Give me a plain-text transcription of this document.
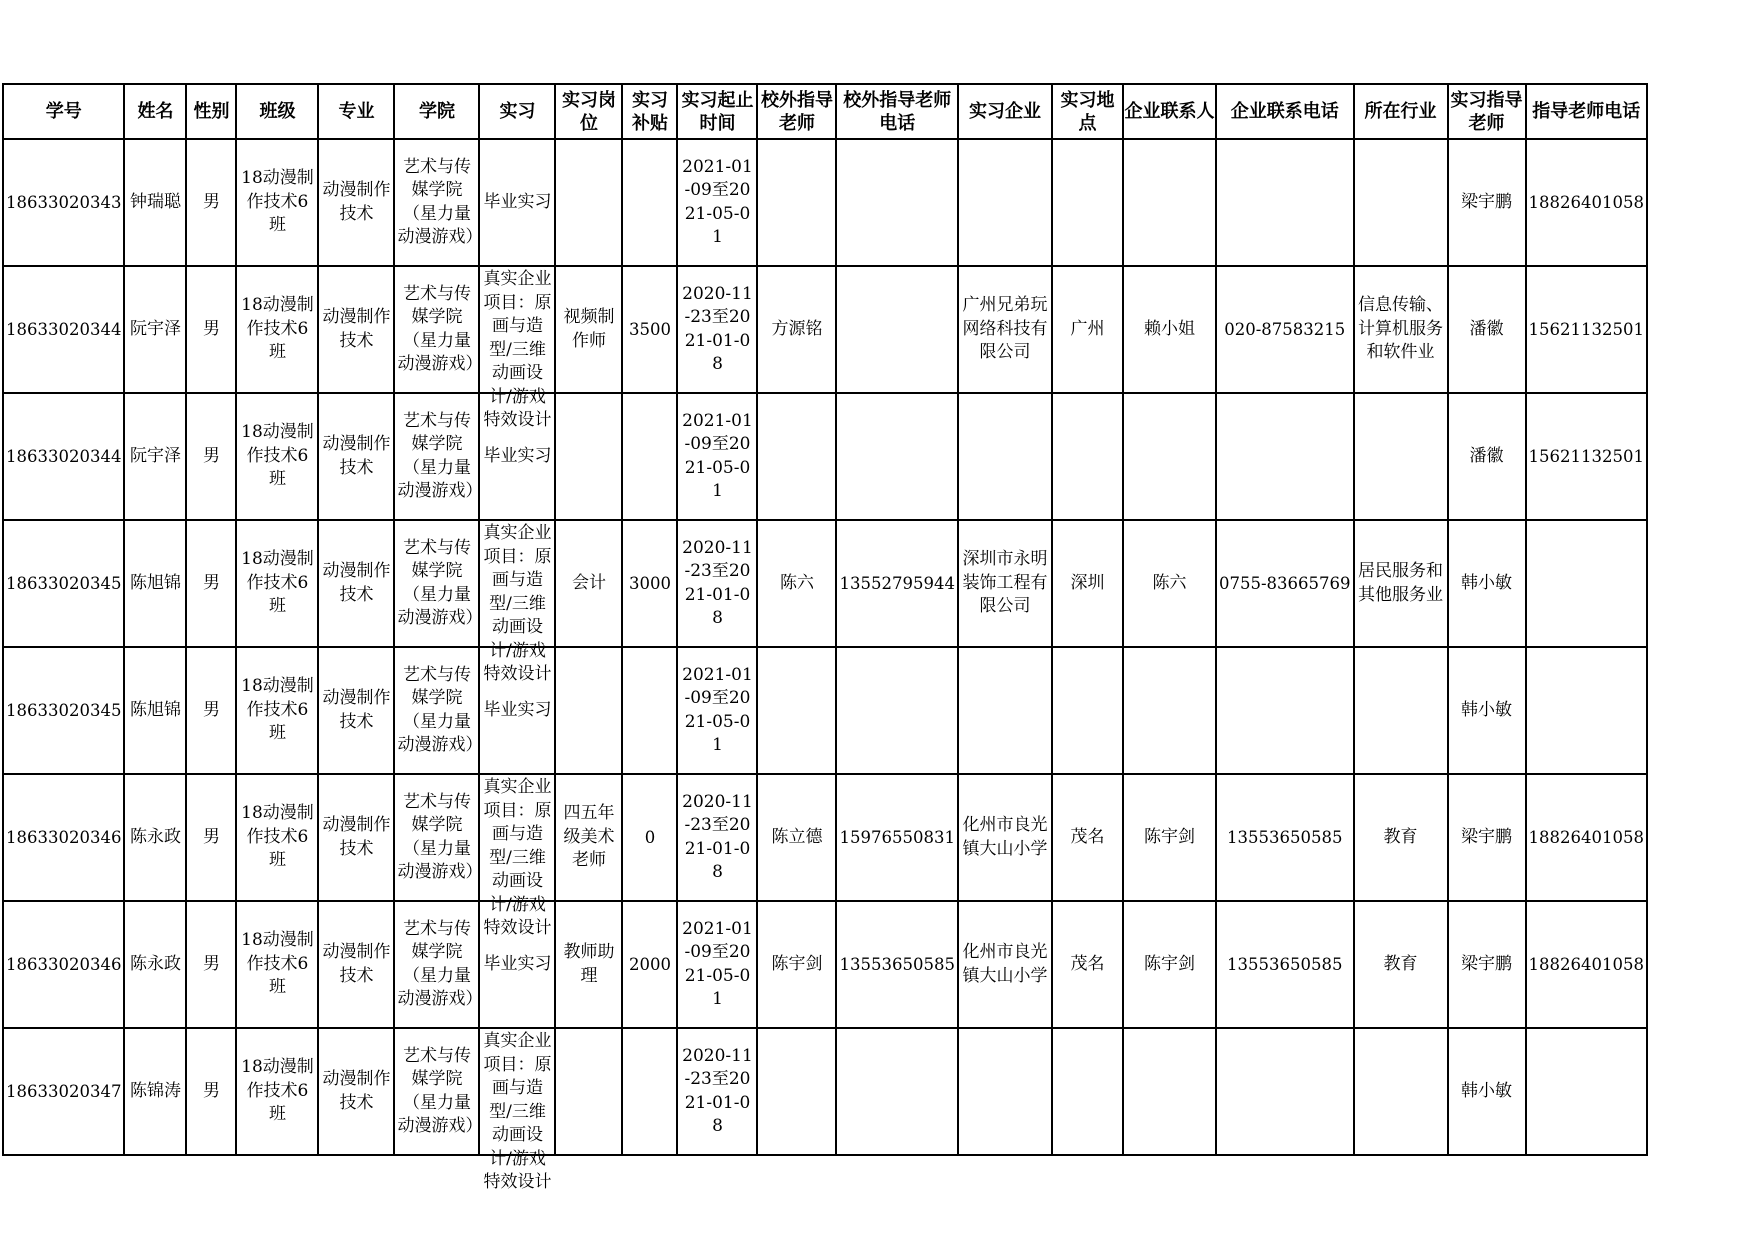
学号	姓名	性别	班级	专业	学院	实习	实习岗位	实习补贴	实习起止时间	校外指导老师	校外指导老师电话	实习企业	实习地点	企业联系人	企业联系电话	所在行业	实习指导老师	指导老师电话

18633020343	钟瑞聪	男	18动漫制作技术6班	动漫制作技术	艺术与传媒学院（星力量动漫游戏）	毕业实习			2021-01-09至2021-05-01								梁宇鹏	18826401058

18633020344	阮宇泽	男	18动漫制作技术6班	动漫制作技术	艺术与传媒学院（星力量动漫游戏）	真实企业项目：原画与造型/三维动画设计/游戏特效设计	视频制作师	3500	2020-11-23至2021-01-08	方源铭		广州兄弟玩网络科技有限公司	广州	赖小姐	020-87583215	信息传输、计算机服务和软件业	潘徽	15621132501

18633020344	阮宇泽	男	18动漫制作技术6班	动漫制作技术	艺术与传媒学院（星力量动漫游戏）	毕业实习			2021-01-09至2021-05-01								潘徽	15621132501

18633020345	陈旭锦	男	18动漫制作技术6班	动漫制作技术	艺术与传媒学院（星力量动漫游戏）	真实企业项目：原画与造型/三维动画设计/游戏特效设计	会计	3000	2020-11-23至2021-01-08	陈六	13552795944	深圳市永明装饰工程有限公司	深圳	陈六	0755-83665769	居民服务和其他服务业	韩小敏	

18633020345	陈旭锦	男	18动漫制作技术6班	动漫制作技术	艺术与传媒学院（星力量动漫游戏）	毕业实习			2021-01-09至2021-05-01								韩小敏	

18633020346	陈永政	男	18动漫制作技术6班	动漫制作技术	艺术与传媒学院（星力量动漫游戏）	真实企业项目：原画与造型/三维动画设计/游戏特效设计	四五年级美术老师	0	2020-11-23至2021-01-08	陈立德	15976550831	化州市良光镇大山小学	茂名	陈宇剑	13553650585	教育	梁宇鹏	18826401058

18633020346	陈永政	男	18动漫制作技术6班	动漫制作技术	艺术与传媒学院（星力量动漫游戏）	毕业实习	教师助理	2000	2021-01-09至2021-05-01	陈宇剑	13553650585	化州市良光镇大山小学	茂名	陈宇剑	13553650585	教育	梁宇鹏	18826401058

18633020347	陈锦涛	男	18动漫制作技术6班	动漫制作技术	艺术与传媒学院（星力量动漫游戏）	真实企业项目：原画与造型/三维动画设计/游戏特效设计			2020-11-23至2021-01-08								韩小敏	
